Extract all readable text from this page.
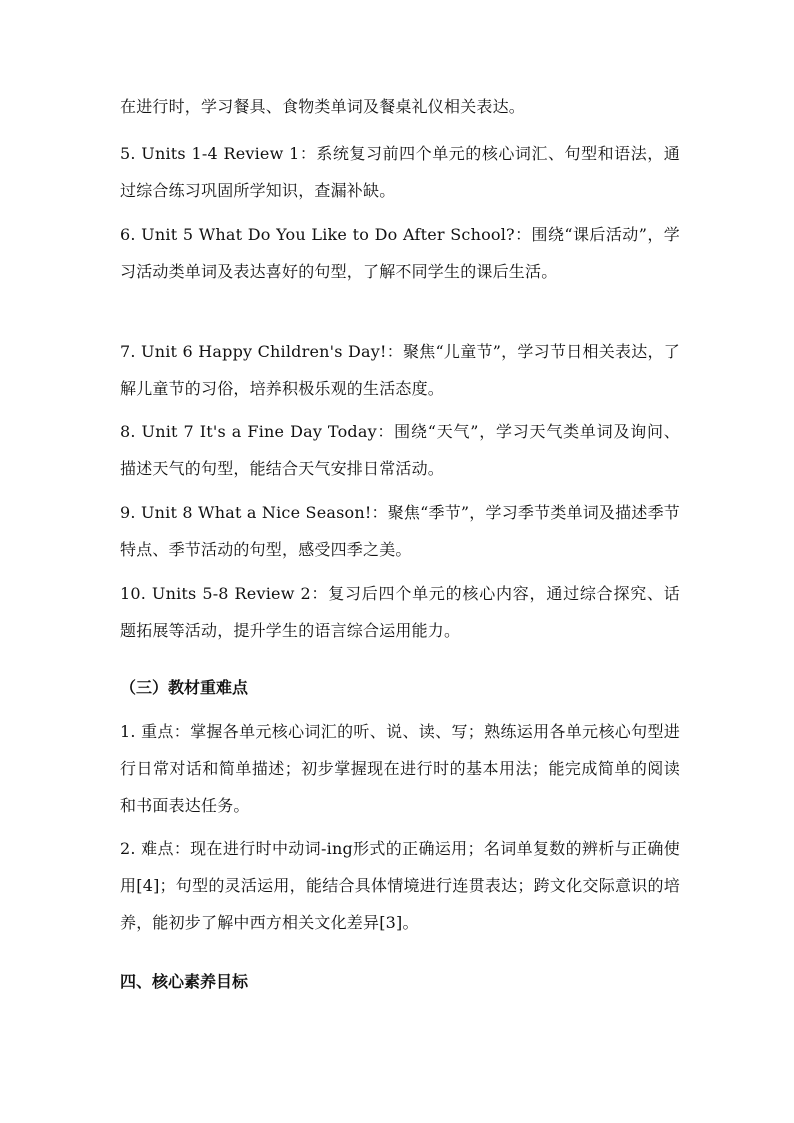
在进行时，学习餐具、食物类单词及餐桌礼仪相关表达。

5. Units 1-4 Review 1：系统复习前四个单元的核心词汇、句型和语法，通过综合练习巩固所学知识，查漏补缺。

6. Unit 5 What Do You Like to Do After School?：围绕“课后活动”，学习活动类单词及表达喜好的句型，了解不同学生的课后生活。

7. Unit 6 Happy Children's Day!：聚焦“儿童节”，学习节日相关表达，了解儿童节的习俗，培养积极乐观的生活态度。

8. Unit 7 It's a Fine Day Today：围绕“天气”，学习天气类单词及询问、描述天气的句型，能结合天气安排日常活动。

9. Unit 8 What a Nice Season!：聚焦“季节”，学习季节类单词及描述季节特点、季节活动的句型，感受四季之美。

10. Units 5-8 Review 2：复习后四个单元的核心内容，通过综合探究、话题拓展等活动，提升学生的语言综合运用能力。

（三）教材重难点

1. 重点：掌握各单元核心词汇的听、说、读、写；熟练运用各单元核心句型进行日常对话和简单描述；初步掌握现在进行时的基本用法；能完成简单的阅读和书面表达任务。

2. 难点：现在进行时中动词-ing形式的正确运用；名词单复数的辨析与正确使用[4]；句型的灵活运用，能结合具体情境进行连贯表达；跨文化交际意识的培养，能初步了解中西方相关文化差异[3]。

四、核心素养目标
